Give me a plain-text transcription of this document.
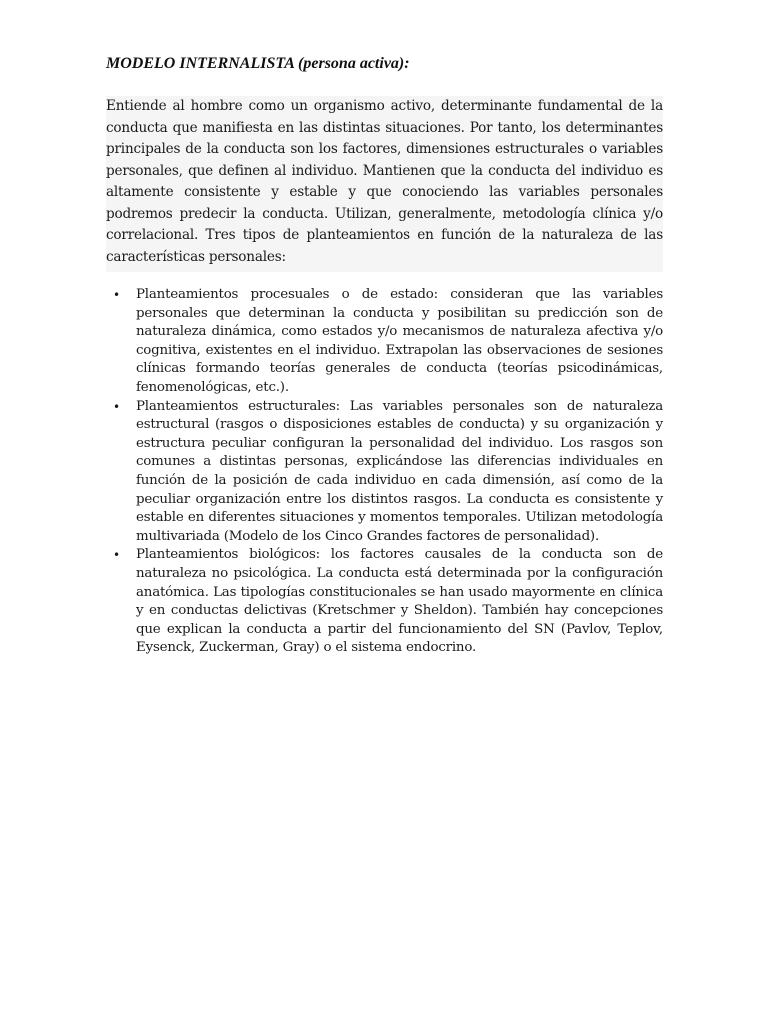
MODELO INTERNALISTA (persona activa):

Entiende al hombre como un organismo activo, determinante fundamental de la conducta que manifiesta en las distintas situaciones. Por tanto, los determinantes principales de la conducta son los factores, dimensiones estructurales o variables personales, que definen al individuo. Mantienen que la conducta del individuo es altamente consistente y estable y que conociendo las variables personales podremos predecir la conducta. Utilizan, generalmente, metodología clínica y/o correlacional. Tres tipos de planteamientos en función de la naturaleza de las características personales:

• Planteamientos procesuales o de estado: consideran que las variables personales que determinan la conducta y posibilitan su predicción son de naturaleza dinámica, como estados y/o mecanismos de naturaleza afectiva y/o cognitiva, existentes en el individuo. Extrapolan las observaciones de sesiones clínicas formando teorías generales de conducta (teorías psicodinámicas, fenomenológicas, etc.).
• Planteamientos estructurales: Las variables personales son de naturaleza estructural (rasgos o disposiciones estables de conducta) y su organización y estructura peculiar configuran la personalidad del individuo. Los rasgos son comunes a distintas personas, explicándose las diferencias individuales en función de la posición de cada individuo en cada dimensión, así como de la peculiar organización entre los distintos rasgos. La conducta es consistente y estable en diferentes situaciones y momentos temporales. Utilizan metodología multivariada (Modelo de los Cinco Grandes factores de personalidad).
• Planteamientos biológicos: los factores causales de la conducta son de naturaleza no psicológica. La conducta está determinada por la configuración anatómica. Las tipologías constitucionales se han usado mayormente en clínica y en conductas delictivas (Kretschmer y Sheldon). También hay concepciones que explican la conducta a partir del funcionamiento del SN (Pavlov, Teplov, Eysenck, Zuckerman, Gray) o el sistema endocrino.
